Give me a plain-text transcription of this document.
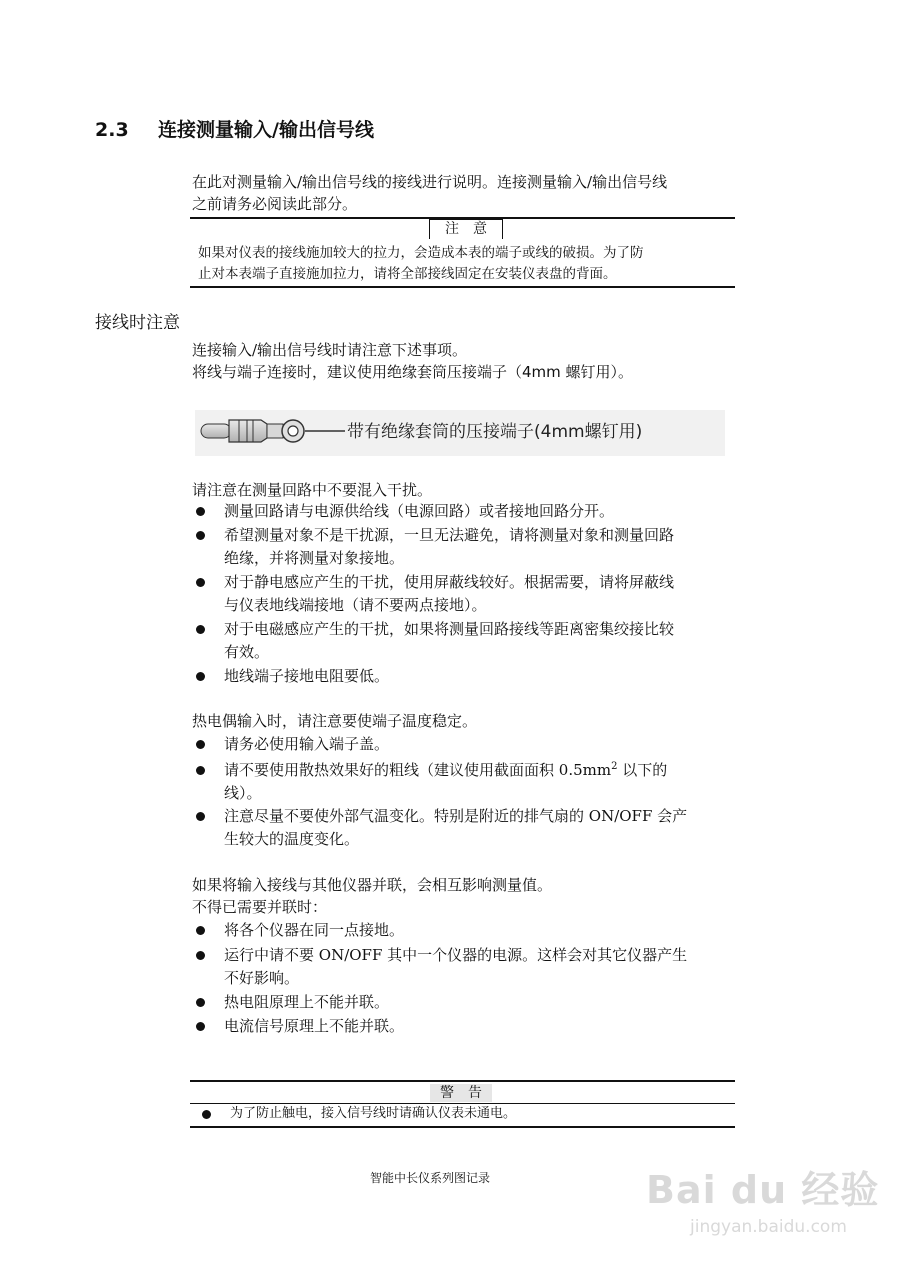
2.3 连接测量输入/输出信号线
在此对测量输入/输出信号线的接线进行说明。连接测量输入/输出信号线
之前请务必阅读此部分。
注　意
如果对仪表的接线施加较大的拉力，会造成本表的端子或线的破损。为了防
止对本表端子直接施加拉力，请将全部接线固定在安装仪表盘的背面。
接线时注意
连接输入/输出信号线时请注意下述事项。
将线与端子连接时，建议使用绝缘套筒压接端子（4mm 螺钉用）。
带有绝缘套筒的压接端子(4mm螺钉用)
请注意在测量回路中不要混入干扰。
测量回路请与电源供给线（电源回路）或者接地回路分开。
希望测量对象不是干扰源，一旦无法避免，请将测量对象和测量回路
绝缘，并将测量对象接地。
对于静电感应产生的干扰，使用屏蔽线较好。根据需要，请将屏蔽线
与仪表地线端接地（请不要两点接地）。
对于电磁感应产生的干扰，如果将测量回路接线等距离密集绞接比较
有效。
地线端子接地电阻要低。
热电偶输入时，请注意要使端子温度稳定。
请务必使用输入端子盖。
请不要使用散热效果好的粗线（建议使用截面面积 $0.5mm^2$ 以下的
线）。
注意尽量不要使外部气温变化。特别是附近的排气扇的 ON/OFF 会产
生较大的温度变化。
如果将输入接线与其他仪器并联，会相互影响测量值。
不得已需要并联时：
将各个仪器在同一点接地。
运行中请不要 ON/OFF 其中一个仪器的电源。这样会对其它仪器产生
不好影响。
热电阻原理上不能并联。
电流信号原理上不能并联。
警　告
为了防止触电，接入信号线时请确认仪表未通电。
智能中长仪系列图记录	Bai du 经验
jingyan.baidu.com
